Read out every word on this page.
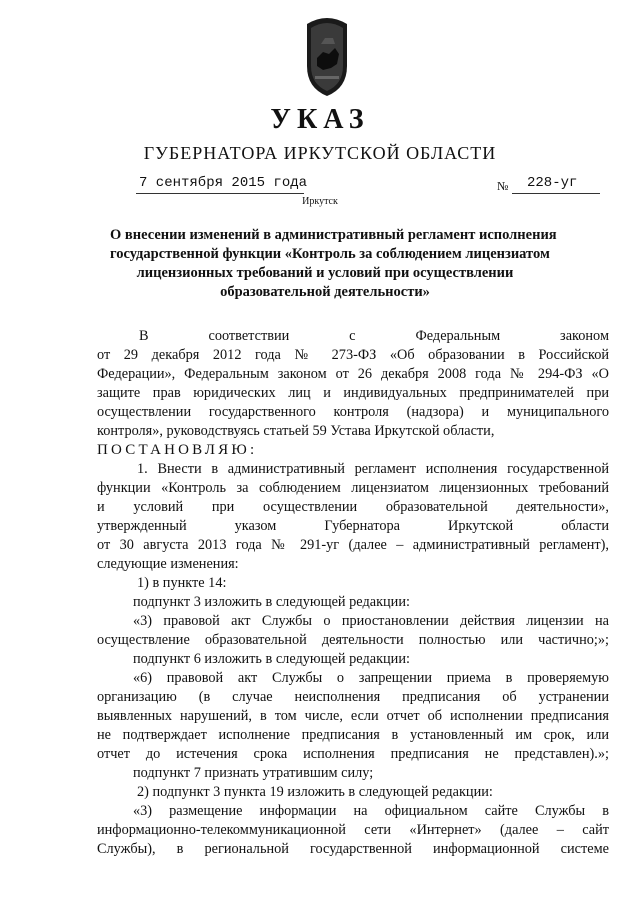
УКАЗ
ГУБЕРНАТОРА ИРКУТСКОЙ ОБЛАСТИ
7 сентября 2015 года	№ 228-уг
Иркутск
О внесении изменений в административный регламент исполнения
государственной функции «Контроль за соблюдением лицензиатом
лицензионных требований и условий при осуществлении
образовательной деятельности»
В соответствии с Федеральным законом
от 29 декабря 2012 года № 273-ФЗ «Об образовании в Российской
Федерации», Федеральным законом от 26 декабря 2008 года № 294-ФЗ «О
защите прав юридических лиц и индивидуальных предпринимателей при
осуществлении государственного контроля (надзора) и муниципального
контроля», руководствуясь статьей 59 Устава Иркутской области,
ПОСТАНОВЛЯЮ:
1. Внести в административный регламент исполнения государственной
функции «Контроль за соблюдением лицензиатом лицензионных требований
и условий при осуществлении образовательной деятельности»,
утвержденный указом Губернатора Иркутской области
от 30 августа 2013 года № 291-уг (далее – административный регламент),
следующие изменения:
1) в пункте 14:
подпункт 3 изложить в следующей редакции:
«3) правовой акт Службы о приостановлении действия лицензии на
осуществление образовательной деятельности полностью или частично;»;
подпункт 6 изложить в следующей редакции:
«6) правовой акт Службы о запрещении приема в проверяемую
организацию (в случае неисполнения предписания об устранении
выявленных нарушений, в том числе, если отчет об исполнении предписания
не подтверждает исполнение предписания в установленный им срок, или
отчет до истечения срока исполнения предписания не представлен).»;
подпункт 7 признать утратившим силу;
2) подпункт 3 пункта 19 изложить в следующей редакции:
«3) размещение информации на официальном сайте Службы в
информационно-телекоммуникационной сети «Интернет» (далее – сайт
Службы), в региональной государственной информационной системе
